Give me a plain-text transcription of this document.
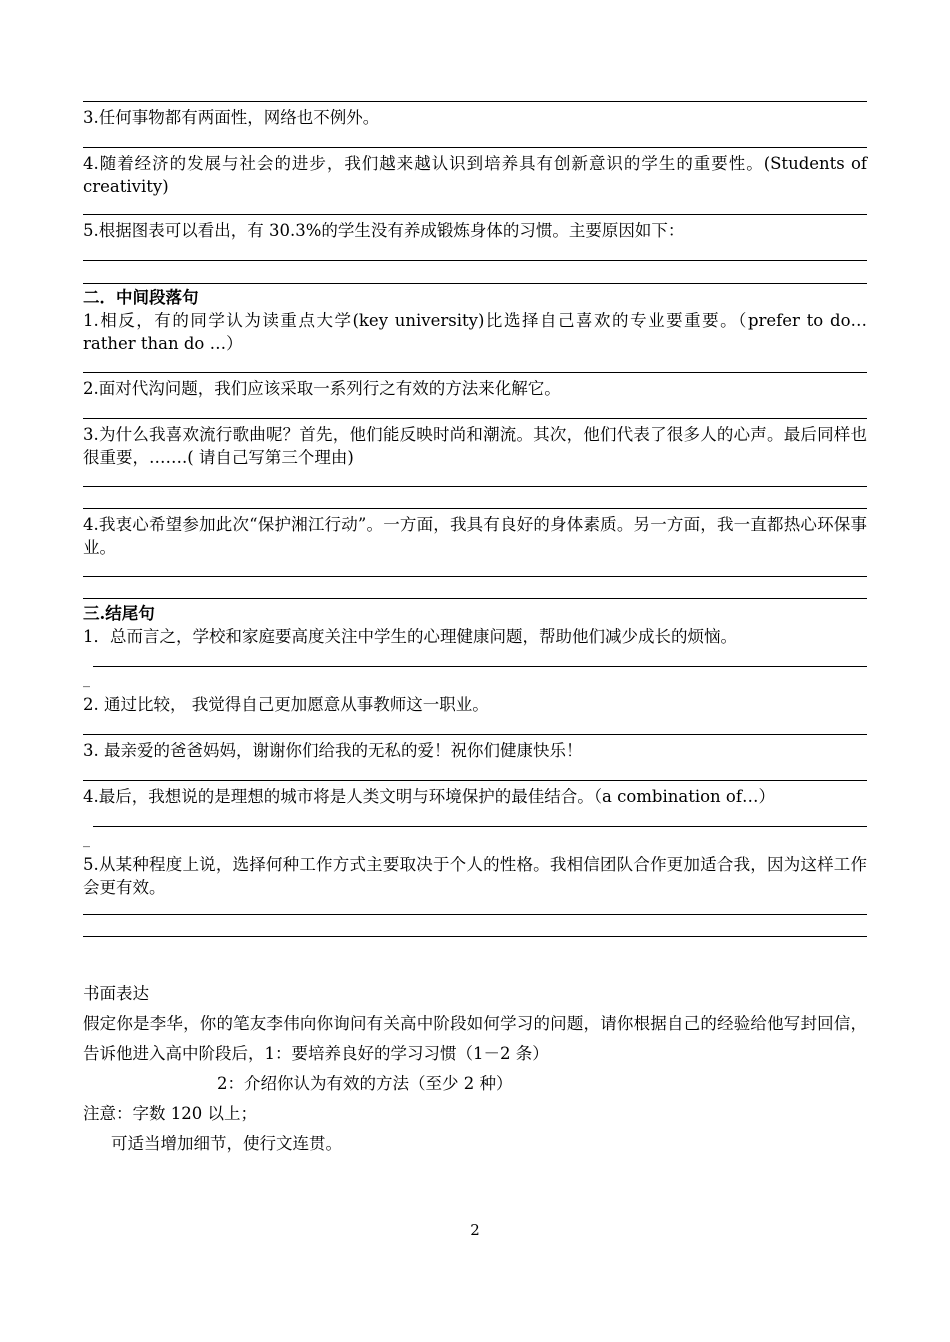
3.任何事物都有两面性，网络也不例外。
4.随着经济的发展与社会的进步，我们越来越认识到培养具有创新意识的学生的重要性。(Students of creativity)
5.根据图表可以看出，有 30.3%的学生没有养成锻炼身体的习惯。主要原因如下：
二．中间段落句
1.相反，有的同学认为读重点大学(key university)比选择自己喜欢的专业要重要。（prefer to do…rather than do …）
2.面对代沟问题，我们应该采取一系列行之有效的方法来化解它。
3.为什么我喜欢流行歌曲呢？首先，他们能反映时尚和潮流。其次，他们代表了很多人的心声。最后同样也很重要，…….( 请自己写第三个理由)
4.我衷心希望参加此次“保护湘江行动”。一方面，我具有良好的身体素质。另一方面，我一直都热心环保事业。
三.结尾句
1．总而言之，学校和家庭要高度关注中学生的心理健康问题，帮助他们减少成长的烦恼。
_
2. 通过比较， 我觉得自己更加愿意从事教师这一职业。
3. 最亲爱的爸爸妈妈，谢谢你们给我的无私的爱！祝你们健康快乐！
4.最后，我想说的是理想的城市将是人类文明与环境保护的最佳结合。（a combination of…）
_
5.从某种程度上说，选择何种工作方式主要取决于个人的性格。我相信团队合作更加适合我，因为这样工作会更有效。
书面表达
假定你是李华，你的笔友李伟向你询问有关高中阶段如何学习的问题，请你根据自己的经验给他写封回信，告诉他进入高中阶段后，1：要培养良好的学习习惯（1－2 条）
2：介绍你认为有效的方法（至少 2 种）
注意：字数 120 以上；
可适当增加细节，使行文连贯。
2
